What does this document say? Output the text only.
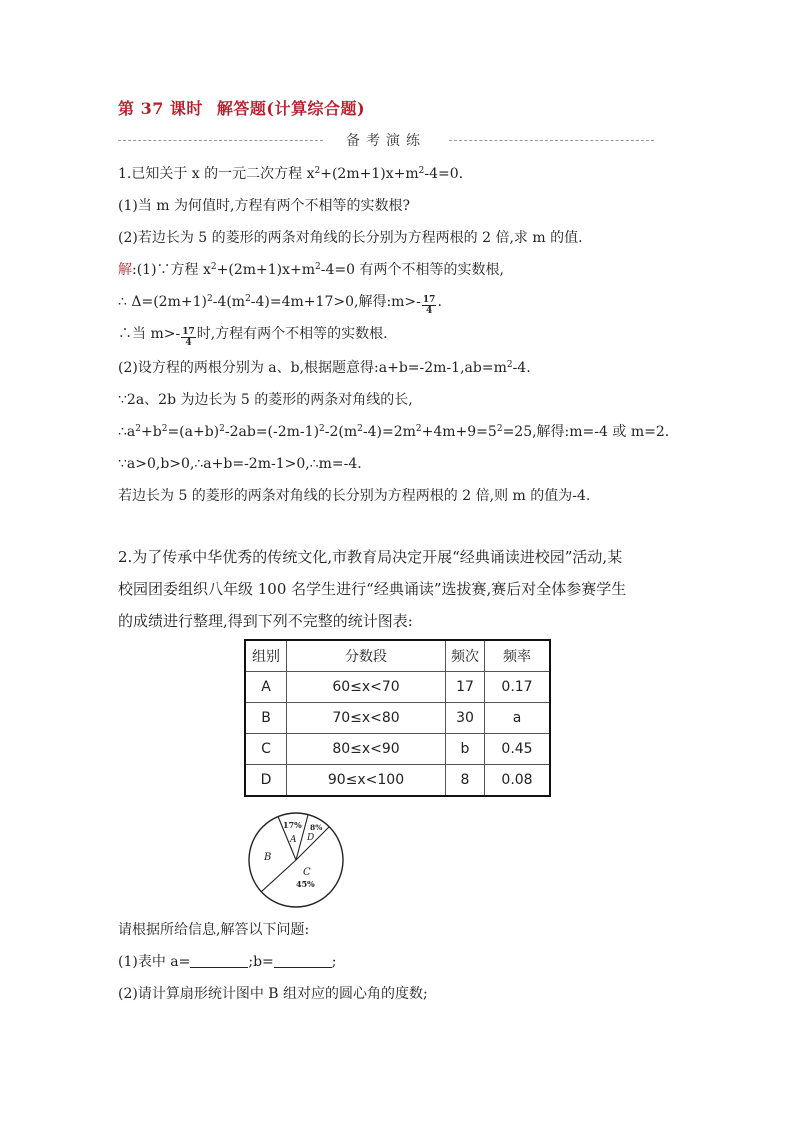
第 37 课时 解答题(计算综合题)
备考演练
1.已知关于 x 的一元二次方程 $x^2+(2m+1)x+m^2-4=0$.
(1)当 m 为何值时,方程有两个不相等的实数根?
(2)若边长为 5 的菱形的两条对角线的长分别为方程两根的 2 倍,求 m 的值.
解:(1)∵方程 $x^2+(2m+1)x+m^2-4=0$ 有两个不相等的实数根,
∴ $\Delta=(2m+1)^2-4(m^2-4)=4m+17>0$,解得:m>- $\frac{17}{4}$ .
∴当 $m>- \frac{17}{4}$ 时,方程有两个不相等的实数根.
(2)设方程的两根分别为 a、b,根据题意得$:a+b=-2m-1,ab=m^2-4$.
∵2a、2b 为边长为 5 的菱形的两条对角线的长,
$\therefore a^2+b^2=(a+b)^2-2ab=(-2m-1)^2-2(m^2-4)=2m^2+4m+9=5^2=25$,解得:m=-4 或 m=2.
∵a>0,b>0,∴a+b=-2m-1>0,∴m=-4.
若边长为 5 的菱形的两条对角线的长分别为方程两根的 2 倍,则 m 的值为-4.
2.为了传承中华优秀的传统文化,市教育局决定开展“经典诵读进校园”活动,某
校园团委组织八年级 100 名学生进行“经典诵读”选拔赛,赛后对全体参赛学生
的成绩进行整理,得到下列不完整的统计图表:
组别	分数段	频次	频率
A	60≤x<70	17	0.17
B	70≤x<80	30	a
C	80≤x<90	b	0.45
D	90≤x<100	8	0.08
17%
A
8%
D
B
C
45%
请根据所给信息,解答以下问题:
(1)表中 a=	;b=	;
(2)请计算扇形统计图中 B 组对应的圆心角的度数;
